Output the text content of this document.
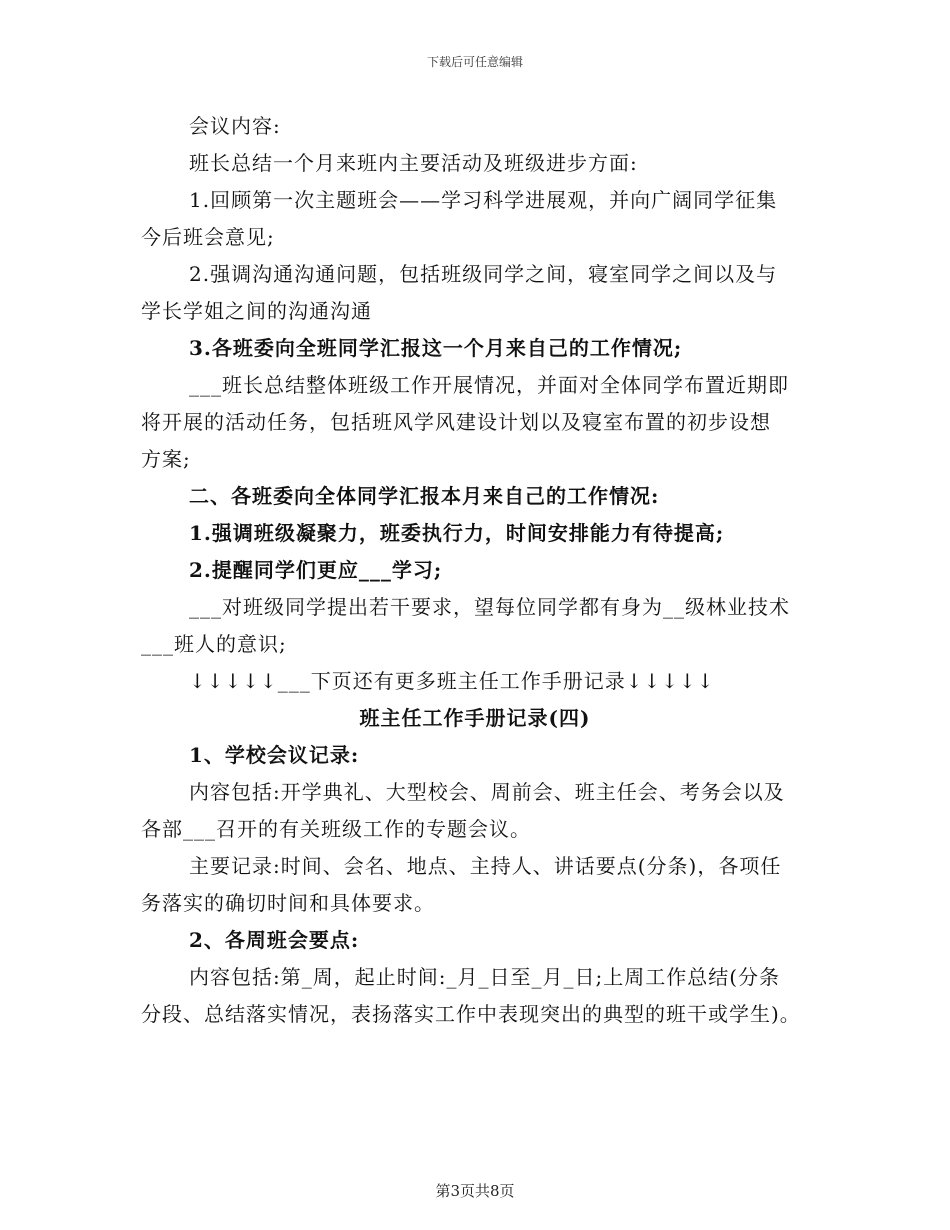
下载后可任意编辑
会议内容:
班长总结一个月来班内主要活动及班级进步方面:
1.回顾第一次主题班会——学习科学进展观，并向广阔同学征集
今后班会意见;
2.强调沟通沟通问题，包括班级同学之间，寝室同学之间以及与
学长学姐之间的沟通沟通
3.各班委向全班同学汇报这一个月来自己的工作情况;
___班长总结整体班级工作开展情况，并面对全体同学布置近期即
将开展的活动任务，包括班风学风建设计划以及寝室布置的初步设想
方案;
二、各班委向全体同学汇报本月来自己的工作情况:
1.强调班级凝聚力，班委执行力，时间安排能力有待提高;
2.提醒同学们更应___学习;
___对班级同学提出若干要求，望每位同学都有身为__级林业技术
___班人的意识;
↓↓↓↓↓___下页还有更多班主任工作手册记录↓↓↓↓↓
班主任工作手册记录(四)
1、学校会议记录:
内容包括:开学典礼、大型校会、周前会、班主任会、考务会以及
各部___召开的有关班级工作的专题会议。
主要记录:时间、会名、地点、主持人、讲话要点(分条)，各项任
务落实的确切时间和具体要求。
2、各周班会要点:
内容包括:第_周，起止时间:_月_日至_月_日;上周工作总结(分条
分段、总结落实情况，表扬落实工作中表现突出的典型的班干或学生)。
第3页共8页
